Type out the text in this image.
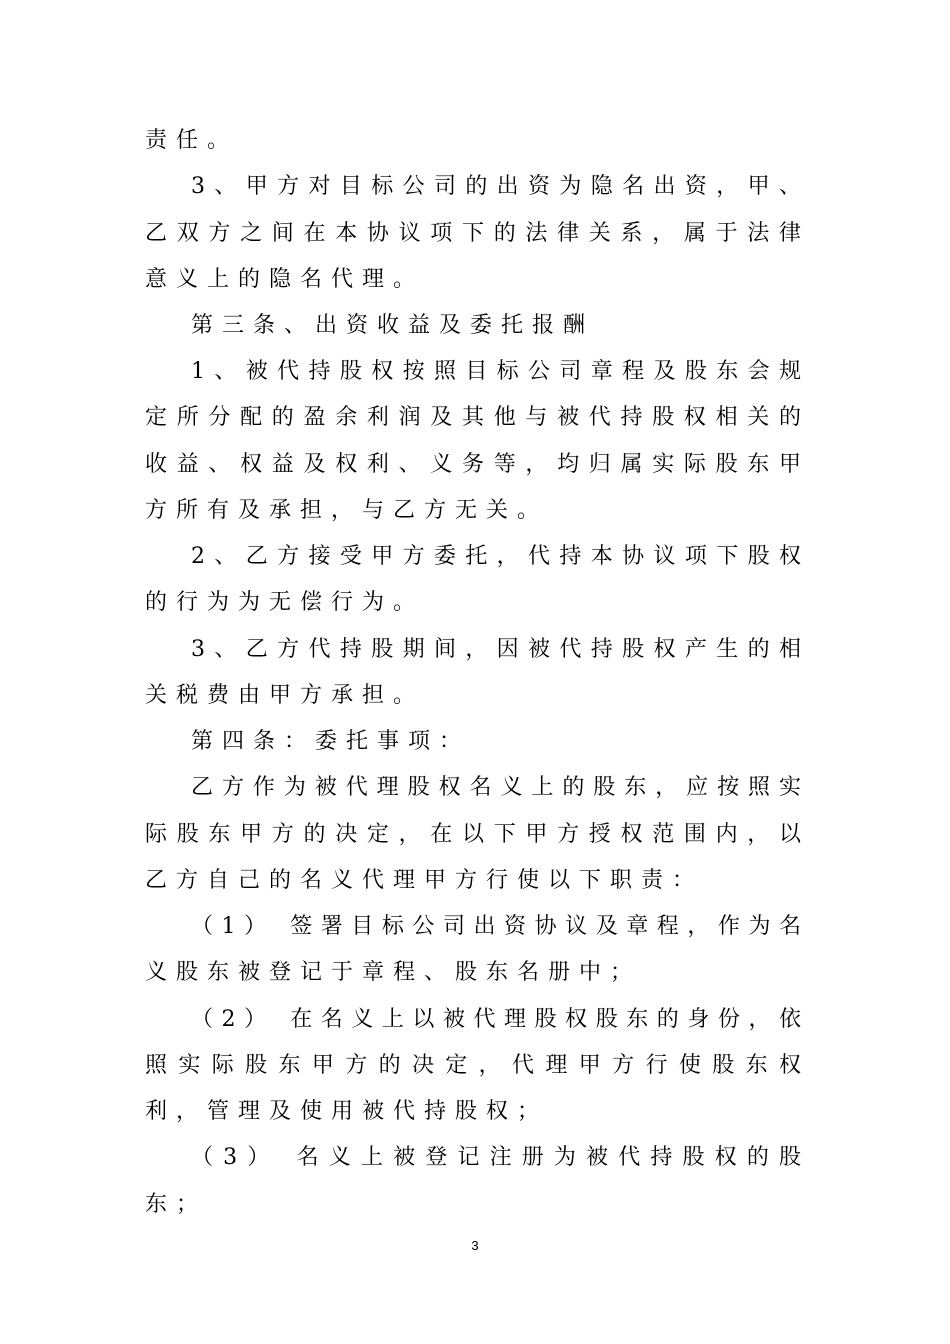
责任。
3、甲方对目标公司的出资为隐名出资，甲、
乙双方之间在本协议项下的法律关系，属于法律
意义上的隐名代理。
第三条、出资收益及委托报酬
1、被代持股权按照目标公司章程及股东会规
定所分配的盈余利润及其他与被代持股权相关的
收益、权益及权利、义务等，均归属实际股东甲
方所有及承担，与乙方无关。
2、乙方接受甲方委托，代持本协议项下股权
的行为为无偿行为。
3、乙方代持股期间，因被代持股权产生的相
关税费由甲方承担。
第四条：委托事项：
乙方作为被代理股权名义上的股东，应按照实
际股东甲方的决定，在以下甲方授权范围内，以
乙方自己的名义代理甲方行使以下职责：
（1） 签署目标公司出资协议及章程，作为名
义股东被登记于章程、股东名册中；
（2） 在名义上以被代理股权股东的身份，依
照实际股东甲方的决定，代理甲方行使股东权
利，管理及使用被代持股权；
（3） 名义上被登记注册为被代持股权的股
东；
3
